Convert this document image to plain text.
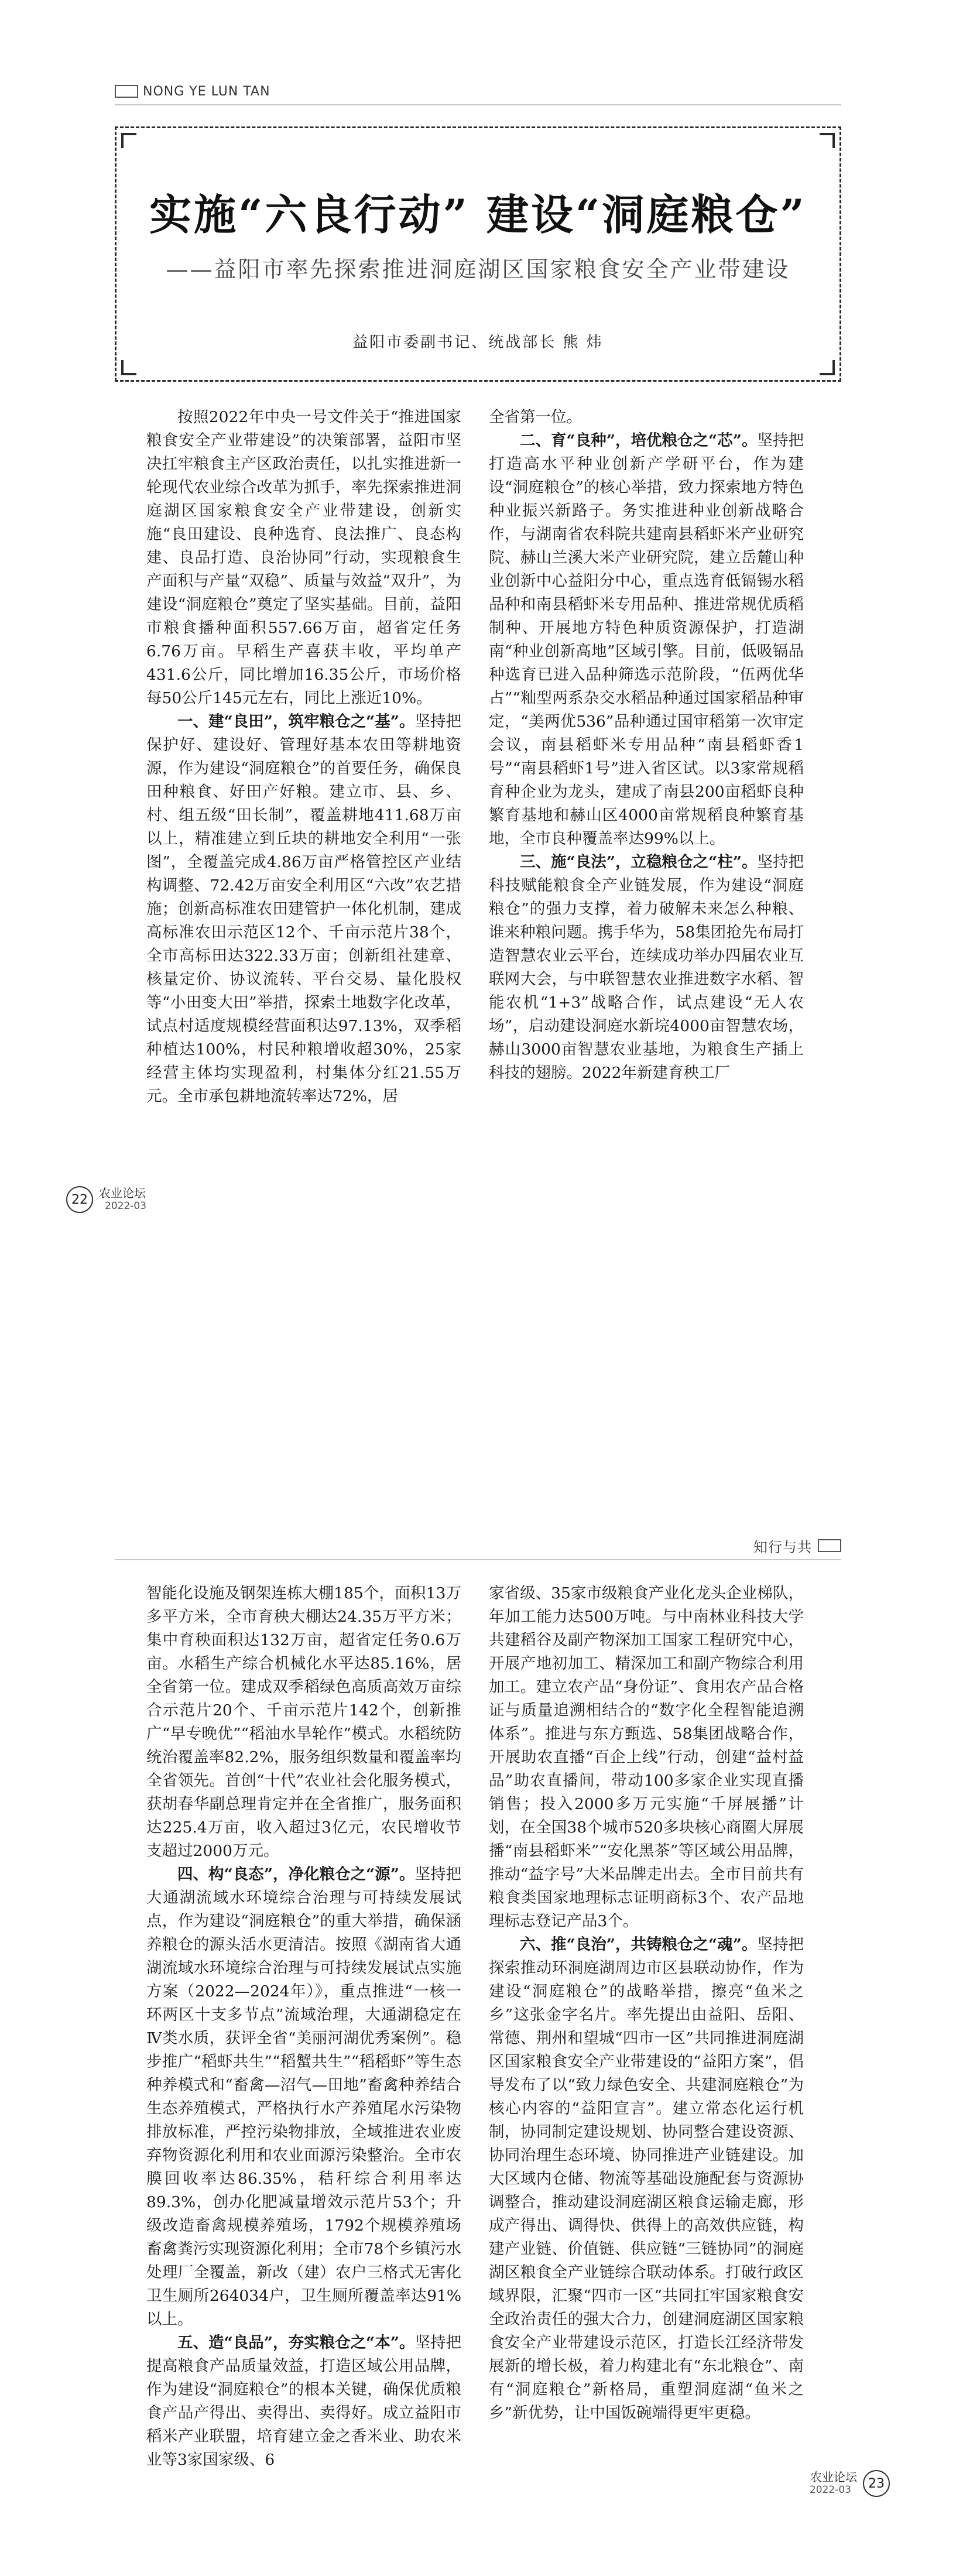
NONG YE LUN TAN
实施“六良行动” 建设“洞庭粮仓”
——益阳市率先探索推进洞庭湖区国家粮食安全产业带建设
益阳市委副书记、统战部长 熊 炜

按照2022年中央一号文件关于“推进国家粮食安全产业带建设”的决策部署，益阳市坚决扛牢粮食主产区政治责任，以扎实推进新一轮现代农业综合改革为抓手，率先探索推进洞庭湖区国家粮食安全产业带建设，创新实施“良田建设、良种选育、良法推广、良态构建、良品打造、良治协同”行动，实现粮食生产面积与产量“双稳”、质量与效益“双升”，为建设“洞庭粮仓”奠定了坚实基础。目前，益阳市粮食播种面积557.66万亩，超省定任务6.76万亩。早稻生产喜获丰收，平均单产431.6公斤，同比增加16.35公斤，市场价格每50公斤145元左右，同比上涨近10%。

一、建“良田”，筑牢粮仓之“基”。坚持把保护好、建设好、管理好基本农田等耕地资源，作为建设“洞庭粮仓”的首要任务，确保良田种粮食、好田产好粮。建立市、县、乡、村、组五级“田长制”，覆盖耕地411.68万亩以上，精准建立到丘块的耕地安全利用“一张图”，全覆盖完成4.86万亩严格管控区产业结构调整、72.42万亩安全利用区“六改”农艺措施；创新高标准农田建管护一体化机制，建成高标准农田示范区12个、千亩示范片38个，全市高标田达322.33万亩；创新组社建章、核量定价、协议流转、平台交易、量化股权等“小田变大田”举措，探索土地数字化改革，试点村适度规模经营面积达97.13%，双季稻种植达100%，村民种粮增收超30%，25家经营主体均实现盈利，村集体分红21.55万元。全市承包耕地流转率达72%，居

全省第一位。

二、育“良种”，培优粮仓之“芯”。坚持把打造高水平种业创新产学研平台，作为建设“洞庭粮仓”的核心举措，致力探索地方特色种业振兴新路子。务实推进种业创新战略合作，与湖南省农科院共建南县稻虾米产业研究院、赫山兰溪大米产业研究院，建立岳麓山种业创新中心益阳分中心，重点选育低镉锡水稻品种和南县稻虾米专用品种、推进常规优质稻制种、开展地方特色种质资源保护，打造湖南“种业创新高地”区域引擎。目前，低吸镉品种选育已进入品种筛选示范阶段，“伍两优华占”“籼型两系杂交水稻品种通过国家稻品种审定，“美两优536”品种通过国审稻第一次审定会议，南县稻虾米专用品种“南县稻虾香1号”“南县稻虾1号”进入省区试。以3家常规稻育种企业为龙头，建成了南县200亩稻虾良种繁育基地和赫山区4000亩常规稻良种繁育基地，全市良种覆盖率达99%以上。

三、施“良法”，立稳粮仓之“柱”。坚持把科技赋能粮食全产业链发展，作为建设“洞庭粮仓”的强力支撑，着力破解未来怎么种粮、谁来种粮问题。携手华为，58集团抢先布局打造智慧农业云平台，连续成功举办四届农业互联网大会，与中联智慧农业推进数字水稻、智能农机“1+3”战略合作，试点建设“无人农场”，启动建设洞庭水新垸4000亩智慧农场，赫山3000亩智慧农业基地，为粮食生产插上科技的翅膀。2022年新建育秧工厂

22 农业论坛
2022-03
知行与共

智能化设施及钢架连栋大棚185个，面积13万多平方米，全市育秧大棚达24.35万平方米；集中育秧面积达132万亩，超省定任务0.6万亩。水稻生产综合机械化水平达85.16%，居全省第一位。建成双季稻绿色高质高效万亩综合示范片20个、千亩示范片142个，创新推广“早专晚优”“稻油水旱轮作”模式。水稻统防统治覆盖率82.2%，服务组织数量和覆盖率均全省领先。首创“十代”农业社会化服务模式，获胡春华副总理肯定并在全省推广，服务面积达225.4万亩，收入超过3亿元，农民增收节支超过2000万元。

四、构“良态”，净化粮仓之“源”。坚持把大通湖流域水环境综合治理与可持续发展试点，作为建设“洞庭粮仓”的重大举措，确保涵养粮仓的源头活水更清洁。按照《湖南省大通湖流域水环境综合治理与可持续发展试点实施方案（2022—2024年）》，重点推进“一核一环两区十支多节点”流域治理，大通湖稳定在Ⅳ类水质，获评全省“美丽河湖优秀案例”。稳步推广“稻虾共生”“稻蟹共生”“稻稻虾”等生态种养模式和“畜禽—沼气—田地”畜禽种养结合生态养殖模式，严格执行水产养殖尾水污染物排放标准，严控污染物排放，全域推进农业废弃物资源化利用和农业面源污染整治。全市农膜回收率达86.35%，秸秆综合利用率达89.3%，创办化肥减量增效示范片53个；升级改造畜禽规模养殖场，1792个规模养殖场畜禽粪污实现资源化利用；全市78个乡镇污水处理厂全覆盖，新改（建）农户三格式无害化卫生厕所264034户，卫生厕所覆盖率达91%以上。

五、造“良品”，夯实粮仓之“本”。坚持把提高粮食产品质量效益，打造区域公用品牌，作为建设“洞庭粮仓”的根本关键，确保优质粮食产品产得出、卖得出、卖得好。成立益阳市稻米产业联盟，培育建立金之香米业、助农米业等3家国家级、6

家省级、35家市级粮食产业化龙头企业梯队，年加工能力达500万吨。与中南林业科技大学共建稻谷及副产物深加工国家工程研究中心，开展产地初加工、精深加工和副产物综合利用加工。建立农产品“身份证”、食用农产品合格证与质量追溯相结合的“数字化全程智能追溯体系”。推进与东方甄选、58集团战略合作，开展助农直播“百企上线”行动，创建“益村益品”助农直播间，带动100多家企业实现直播销售；投入2000多万元实施“千屏展播”计划，在全国38个城市520多块核心商圈大屏展播“南县稻虾米”“安化黑茶”等区域公用品牌，推动“益字号”大米品牌走出去。全市目前共有粮食类国家地理标志证明商标3个、农产品地理标志登记产品3个。

六、推“良治”，共铸粮仓之“魂”。坚持把探索推动环洞庭湖周边市区县联动协作，作为建设“洞庭粮仓”的战略举措，擦亮“鱼米之乡”这张金字名片。率先提出由益阳、岳阳、常德、荆州和望城“四市一区”共同推进洞庭湖区国家粮食安全产业带建设的“益阳方案”，倡导发布了以“致力绿色安全、共建洞庭粮仓”为核心内容的“益阳宣言”。建立常态化运行机制，协同制定建设规划、协同整合建设资源、协同治理生态环境、协同推进产业链建设。加大区域内仓储、物流等基础设施配套与资源协调整合，推动建设洞庭湖区粮食运输走廊，形成产得出、调得快、供得上的高效供应链，构建产业链、价值链、供应链“三链协同”的洞庭湖区粮食全产业链综合联动体系。打破行政区域界限，汇聚“四市一区”共同扛牢国家粮食安全政治责任的强大合力，创建洞庭湖区国家粮食安全产业带建设示范区，打造长江经济带发展新的增长极，着力构建北有“东北粮仓”、南有“洞庭粮仓”新格局，重塑洞庭湖“鱼米之乡”新优势，让中国饭碗端得更牢更稳。

农业论坛
2022-03	23
